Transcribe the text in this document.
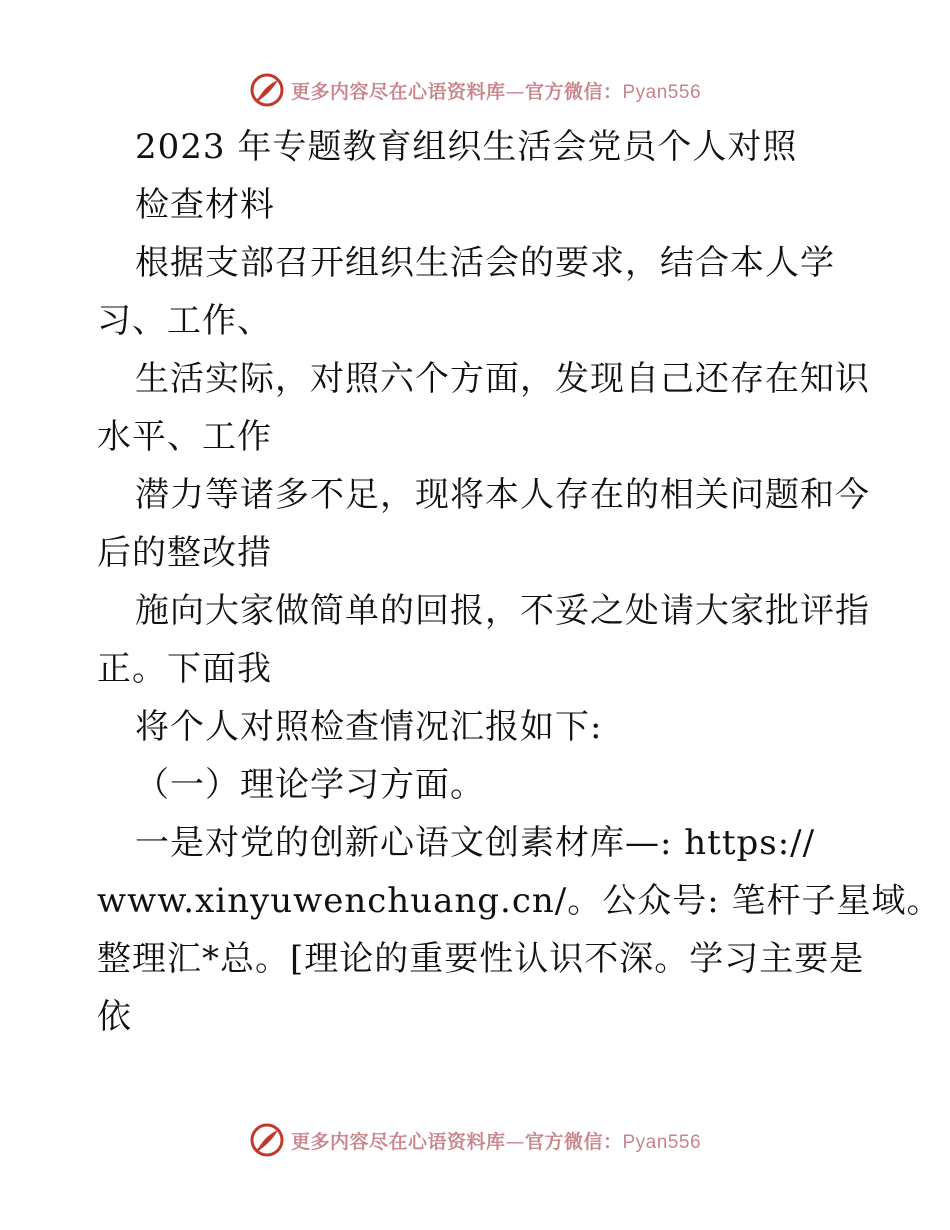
更多内容尽在心语资料库—官方微信：Pyan556
2023 年专题教育组织生活会党员个人对照
检查材料
根据支部召开组织生活会的要求，结合本人学
习、工作、
生活实际，对照六个方面，发现自己还存在知识
水平、工作
潜力等诸多不足，现将本人存在的相关问题和今
后的整改措
施向大家做简单的回报，不妥之处请大家批评指
正。下面我
将个人对照检查情况汇报如下:
（一）理论学习方面。
一是对党的创新心语文创素材库—: https://
www.xinyuwenchuang.cn/。公众号: 笔杆子星域。
整理汇*总。[理论的重要性认识不深。学习主要是
依
更多内容尽在心语资料库—官方微信：Pyan556
